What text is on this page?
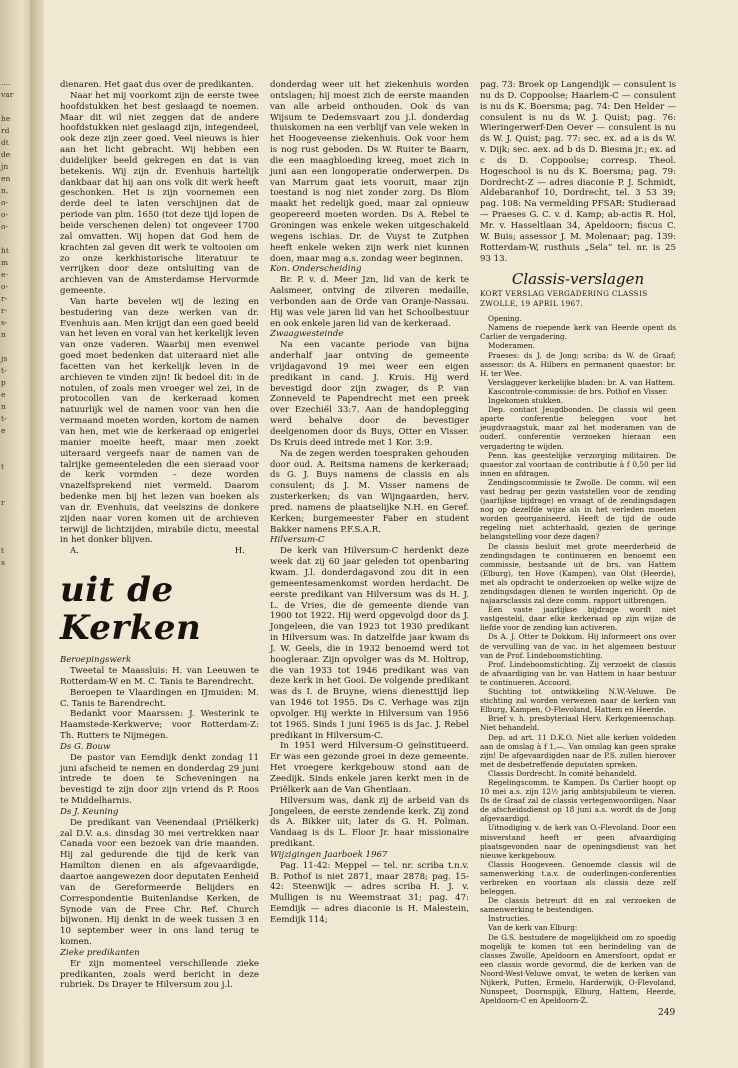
....
var
he
rd
dt
de
jn
en
n,
o-
o-
o-
ht
m
e-
o-
r-
r-
s-
n
js
t-
p
e
n
t-
e
t
r
t
s

dienaren. Het gaat dus over de predikanten.

Naar het mij voorkomt zijn de eerste twee hoofdstukken het best geslaagd te noemen. Maar dit wil niet zeggen dat de andere hoofdstukken niet geslaagd zijn, integendeel, ook deze zijn zeer goed. Veel nieuws is hier aan het licht gebracht. Wij hebben een duidelijker beeld gekregen en dat is van betekenis. Wij zijn dr. Evenhuis hartelijk dankbaar dat hij aan ons volk dit werk heeft geschonken. Het is zijn voornemen een derde deel te laten verschijnen dat de periode van plm. 1650 (tot deze tijd lopen de beide verschenen delen) tot ongeveer 1700 zal omvatten. Wij hopen dat God hem de krachten zal geven dit werk te voltooien om zo onze kerkhistorische literatuur te verrijken door deze ontsluiting van de archieven van de Amsterdamse Hervormde gemeente.

Van harte bevelen wij de lezing en bestudering van deze werken van dr. Evenhuis aan. Men krijgt dan een goed beeld van het leven en voral van het kerkelijk leven van onze vaderen. Waarbij men evenwel goed moet bedenken dat uiteraard niet alle facetten van het kerkelijk leven in de archieven te vinden zijn! Ik bedoel dit: in de notulen, of zoals men vroeger wel zei, in de protocollen van de kerkeraad komen natuurlijk wel de namen voor van hen die vermaand moeten worden, kortom de namen van hen, met wie de kerkeraad op enigerlei manier moeite heeft, maar men zoekt uiteraard vergeefs naar de namen van de talrijke gemeenteleden die een sieraad voor de kerk vormden – deze worden vnazelfsprekend niet vermeld. Daarom bedenke men bij het lezen van boeken als van dr. Evenhuis, dat veelszins de donkere zijden naar voren komen uit de archieven terwijl de lichtzijden, mirabile dictu, meestal in het donker blijven.

A.	H.
uit de Kerken

Beroepingswerk

Tweetal te Maassluis: H. van Leeuwen te Rotterdam-W en M. C. Tanis te Barendrecht.

Beroepen te Vlaardingen en IJmuiden: M. C. Tanis te Barendrecht.

Bedankt voor Maarssen: J. Westerink te Haamstede-Kerkwerve; voor Rotterdam-Z: Th. Rutters te Nijmegen.

Ds G. Bouw

De pastor van Eemdijk denkt zondag 11 juni afscheid te nemen en donderdag 29 juni intrede te doen te Scheveningen na bevestigd te zijn door zijn vriend ds P. Roos te Middelharnis.

Ds J. Keuning

De predikant van Veenendaal (Priëlkerk) zal D.V. a.s. dinsdag 30 mei vertrekken naar Canada voor een bezoek van drie maanden. Hij zal gedurende die tijd de kerk van Hamilton dienen en als afgevaardigde, daartoe aangewezen door deputaten Eenheid van de Gereformeerde Belijders en Correspondentie Buitenlandse Kerken, de Synode van de Free Chr. Ref. Church bijwonen. Hij denkt in de week tussen 3 en 10 september weer in ons land terug te komen.

Zieke predikanten

Er zijn momenteel verschillende zieke predikanten, zoals werd bericht in deze rubriek. Ds Drayer te Hilversum zou j.l.

donderdag weer uit het ziekenhuis worden ontslagen; hij moest zich de eerste maanden van alle arbeid onthouden. Ook ds van Wijsum te Dedemsvaart zou j.l. donderdag thuiskomen na een verblijf van vele weken in het Hoogeveense ziekenhuis. Ook voor hem is nog rust geboden. Ds W. Ruiter te Baarn, die een maagbloeding kreeg, moet zich in juni aan een longoperatie onderwerpen. Ds van Marrum gaat iets vooruit, maar zijn toestand is nog niet zonder zorg. Ds Blom maakt het redelijk goed, maar zal opnieuw geopereerd moeten worden. Ds A. Rebel te Groningen was enkele weken uitgeschakeld wegens ischias. Dr. de Vuyst te Zutphen heeft enkele weken zijn werk niet kunnen doen, maar mag a.s. zondag weer beginnen.

Kon. Onderscheiding

Br. P. v. d. Meer Jzn, lid van de kerk te Aalsmeer, ontving de zilveren medaille, verbonden aan de Orde van Oranje-Nassau. Hij was vele jaren lid van het Schoolbestuur en ook enkele jaren lid van de kerkeraad.

Zwaagwesteinde

Na een vacante periode van bijna anderhalf jaar ontving de gemeente vrijdagavond 19 mei weer een eigen predikant in cand. J. Kruis. Hij werd bevestigd door zijn zwager, ds P. van Zonneveld te Papendrecht met een preek over Ezechiël 33:7. Aan de handoplegging werd behalve door de bevestiger deelgenomen door ds Buys, Otter en Visser. Ds Kruis deed intrede met 1 Kor. 3:9.

Na de zegen werden toespraken gehouden door oud. A. Reitsma namens de kerkeraad; ds G. J. Buys namens de classis en als consulent; ds J. M. Visser namens de zusterkerken; ds van Wijngaarden, herv. pred. namens de plaatselijke N.H. en Geref. Kerken; burgemeester Faber en student Bakker namens P.F.S.A.R.

Hilversum-C

De kerk van Hilversum-C herdenkt deze week dat zij 60 jaar geleden tot openbaring kwam. J.l. donderdagavond zou dit in een gemeentesamenkomst worden herdacht. De eerste predikant van Hilversum was ds H. J. L. de Vries, die de gemeente diende van 1900 tot 1922. Hij werd opgevolgd door ds J. Jongeleen, die van 1923 tot 1930 predikant in Hilversum was. In datzelfde jaar kwam ds J. W. Geels, die in 1932 benoemd werd tot hoogleraar. Zijn opvolger was ds M. Holtrop, die van 1933 tot 1946 predikant was van deze kerk in het Gooi. De volgende predikant was ds I. de Bruyne, wiens dienesttijd liep van 1946 tot 1955. Ds C. Verhage was zijn opvolger. Hij werkte in Hilversum van 1956 tot 1965. Sinds 1 juni 1965 is ds Jac. J. Rebel predikant in Hilversum-C.

In 1951 werd Hilversum-O geïnstitueerd. Er was een gezonde groei in deze gemeente. Het vroegere kerkgebouw stond aan de Zeedijk. Sinds enkele jaren kerkt men in de Priëlkerk aan de Van Ghentlaan.

Hilversum was, dank zij de arbeid van ds Jongeleen, de eerste zendende kerk. Zij zond ds A. Bikker uit; later ds G. H. Polman. Vandaag is ds L. Floor Jr. haar missionaire predikant.

Wijzigingen Jaarboek 1967

Pag. 11-42: Meppel — tel. nr. scriba t.n.v. B. Pothof is niet 2871, maar 2878; pag. 15-42: Steenwijk — adres scriba H. J. v. Mulligen is nu Weemstraat 31; pag. 47: Eemdijk — adres diaconie is H. Malestein, Eemdijk 114;

pag. 73: Broek op Langendijk — consulent is nu ds D. Coppoolse; Haarlem-C — consulent is nu ds K. Boersma; pag. 74: Den Helder — consulent is nu ds W. J. Quist; pag. 76: Wieringerwerf-Den Oever — consulent is nu ds W. J. Quist; pag. 77: sec. ex. ad a is ds W. v. Dijk; sec. aex. ad b ds D. Biesma jr.; ex. ad c ds D. Coppoolse; corresp. Theol. Hogeschool is nu ds K. Boersma; pag. 79: Dordrecht-Z — adres diaconie P. J. Schmidt, Aldebaranhof 10, Dordrecht, tel. 3 53 39; pag. 108: Na vermelding PFSAR: Studieraad — Praeses G. C. v. d. Kamp; ab-actis R. Hol, Mr. v. Hasseltlaan 34, Apeldoorn; fiscus C. W. Buis; assessor J. M. Molenaar; pag. 139: Rotterdam-W, rusthuis „Sela” tel. nr. is 25 93 13.

Classis-verslagen

KORT VERSLAG VERGADERING CLASSIS

ZWOLLE, 19 APRIL 1967.

Opening.

Namens de roepende kerk van Heerde opent ds Carlier de vergadering.

Moderamen.

Praeses: ds J. de Jong; scriba: ds W. de Graaf; assessor: ds A. Hilbers en permanent quaestor: br. H. ter Wee.

Verslaggever kerkelijke bladen: br. A. van Hattem.

Kascontrole-commissie: de brs. Pothof en Visser.

Ingekomen stukken.

Dep. contact Jeugdbonden. De classis wil geen aparte conferentie beleggen voor het jeugdvraagstuk, maar zal het moderamen van de ouderl. conferentie verzoeken hieraan een vergadering te wijden.

Penn. kas geestelijke verzorging militairen. De quaestor zal voortaan de contributie à f 0,50 per lid innen en afdragen.

Zendingscommissie te Zwolle. De comm. wil een vast bedrag per gezin vaststellen voor de zending (jaarlijkse bijdrage) en vraagt of de zendingsdagen nog op dezelfde wijze als in het verleden moeten worden georganiseerd. Heeft de tijd de oude regeling niet achterhaald, gezien de geringe belangstelling voor deze dagen?

De classis besluit met grote meerderheid de zendingsdagen te continueren en benoemt een commissie, bestaande uit de brs. van Hattem (Elburg), ten Hove (Kampen), van Olst (Heerde), met als opdracht te onderzoeken op welke wijze de zendingsdagen dienen te worden ingericht. Op de najaarsclassis zal deze comm. rapport uitbrengen.

Een vaste jaarlijkse bijdrage wordt niet vastgesteld, daar elke kerkeraad op zijn wijze de liefde voor de zending kan activeren.

Ds A. J. Otter te Dokkum. Hij informeert ons over de vervulling van de vac. in het algemeen bestuur van de Prof. Lindeboomstichting.

Prof. Lindeboomstichting. Zij verzoekt de classis de afvaardiging van br. van Hattem in haar bestuur te continueren. Accoord.

Stichting tot ontwikkeling N.W.-Veluwe. De stichting zal worden verwezen naar de kerken van Elburg, Kampen, O-Flevoland, Hattem en Heerde.

Brief v. h. presbyteriaal Herv. Kerkgemeenschap. Niet behandeld.

Dep. ad art. 11 D.K.O. Niet alle kerken voldeden aan de omslag à f 1,—. Van omslag kan geen sprake zijn! De afgevaardigden naar de P.S. zullen hierover met de desbetreffende deputaten spreken.

Classis Dordrecht. In comité behandeld.

Regelingscomm. te Kampen. Ds Carlier hoopt op 10 mei a.s. zijn 12½ jarig ambtsjubileum te vieren. Ds de Graaf zal de classis vertegenwoordigen. Naar de afscheidsdienst op 18 juni a.s. wordt ds de Jong afgevaardigd.

Uitnodiging v. de kerk van O.-Flevoland. Door een misverstand heeft er geen afvaardiging plaatsgevonden naar de openingsdienst van het nieuwe kerkgebouw.

Classis Hoogeveen. Genoemde classis wil de samenwerking t.a.v. de ouderlingen-conferenties verbreken en voortaan als classis deze zelf beleggen.

De classis betreurt dit en zal verzoeken de samenwerking te bestendigen.

Instructies.

Van de kerk van Elburg:

De G.S. bestudere de mogelijkheid om zo spoedig mogelijk te komen tot een herindeling van de classes Zwolle, Apeldoorn en Amersfoort, opdat er een classis worde gevormd, die de kerken van de Noord-West-Veluwe omvat, te weten de kerken van Nijkerk, Putten, Ermelo, Harderwijk, O-Flevoland, Nunspeet, Doornspijk, Elburg, Hattem, Heerde, Apeldoorn-C en Apeldoorn-Z.

249
